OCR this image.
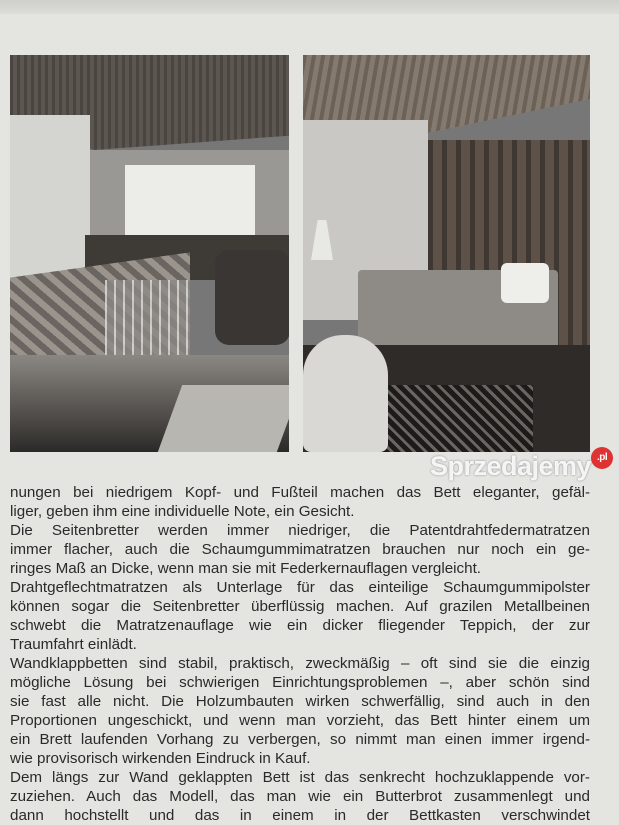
nungen bei niedrigem Kopf- und Fußteil machen das Bett eleganter, gefäl-
liger, geben ihm eine individuelle Note, ein Gesicht.
Die Seitenbretter werden immer niedriger, die Patentdrahtfedermatratzen
immer flacher, auch die Schaumgummimatratzen brauchen nur noch ein ge-
ringes Maß an Dicke, wenn man sie mit Federkernauflagen vergleicht.
Drahtgeflechtmatratzen als Unterlage für das einteilige Schaumgummipolster
können sogar die Seitenbretter überflüssig machen. Auf grazilen Metallbeinen
schwebt die Matratzenauflage wie ein dicker fliegender Teppich, der zur
Traumfahrt einlädt.
Wandklappbetten sind stabil, praktisch, zweckmäßig – oft sind sie die einzig
mögliche Lösung bei schwierigen Einrichtungsproblemen –, aber schön sind
sie fast alle nicht. Die Holzumbauten wirken schwerfällig, sind auch in den
Proportionen ungeschickt, und wenn man vorzieht, das Bett hinter einem um
ein Brett laufenden Vorhang zu verbergen, so nimmt man einen immer irgend-
wie provisorisch wirkenden Eindruck in Kauf.
Dem längs zur Wand geklappten Bett ist das senkrecht hochzuklappende vor-
zuziehen. Auch das Modell, das man wie ein Butterbrot zusammenlegt und
dann hochstellt und das in einem in der Bettkasten verschwindet
Sprzedajemy .pl
